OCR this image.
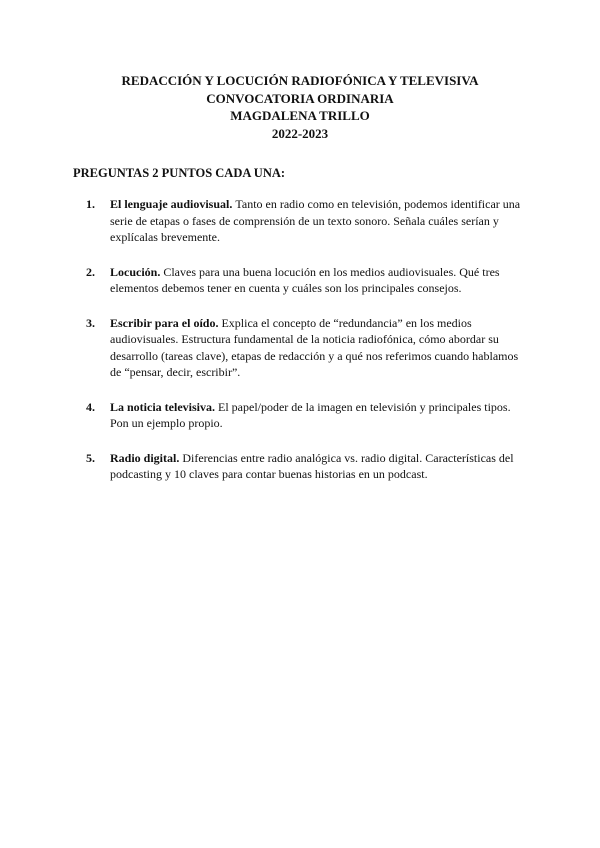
REDACCIÓN Y LOCUCIÓN RADIOFÓNICA Y TELEVISIVA
CONVOCATORIA ORDINARIA
MAGDALENA TRILLO
2022-2023
PREGUNTAS 2 PUNTOS CADA UNA:
1. El lenguaje audiovisual. Tanto en radio como en televisión, podemos identificar una serie de etapas o fases de comprensión de un texto sonoro. Señala cuáles serían y explícalas brevemente.
2. Locución. Claves para una buena locución en los medios audiovisuales. Qué tres elementos debemos tener en cuenta y cuáles son los principales consejos.
3. Escribir para el oído. Explica el concepto de “redundancia” en los medios audiovisuales. Estructura fundamental de la noticia radiofónica, cómo abordar su desarrollo (tareas clave), etapas de redacción y a qué nos referimos cuando hablamos de “pensar, decir, escribir”.
4. La noticia televisiva. El papel/poder de la imagen en televisión y principales tipos. Pon un ejemplo propio.
5. Radio digital. Diferencias entre radio analógica vs. radio digital. Características del podcasting y 10 claves para contar buenas historias en un podcast.
